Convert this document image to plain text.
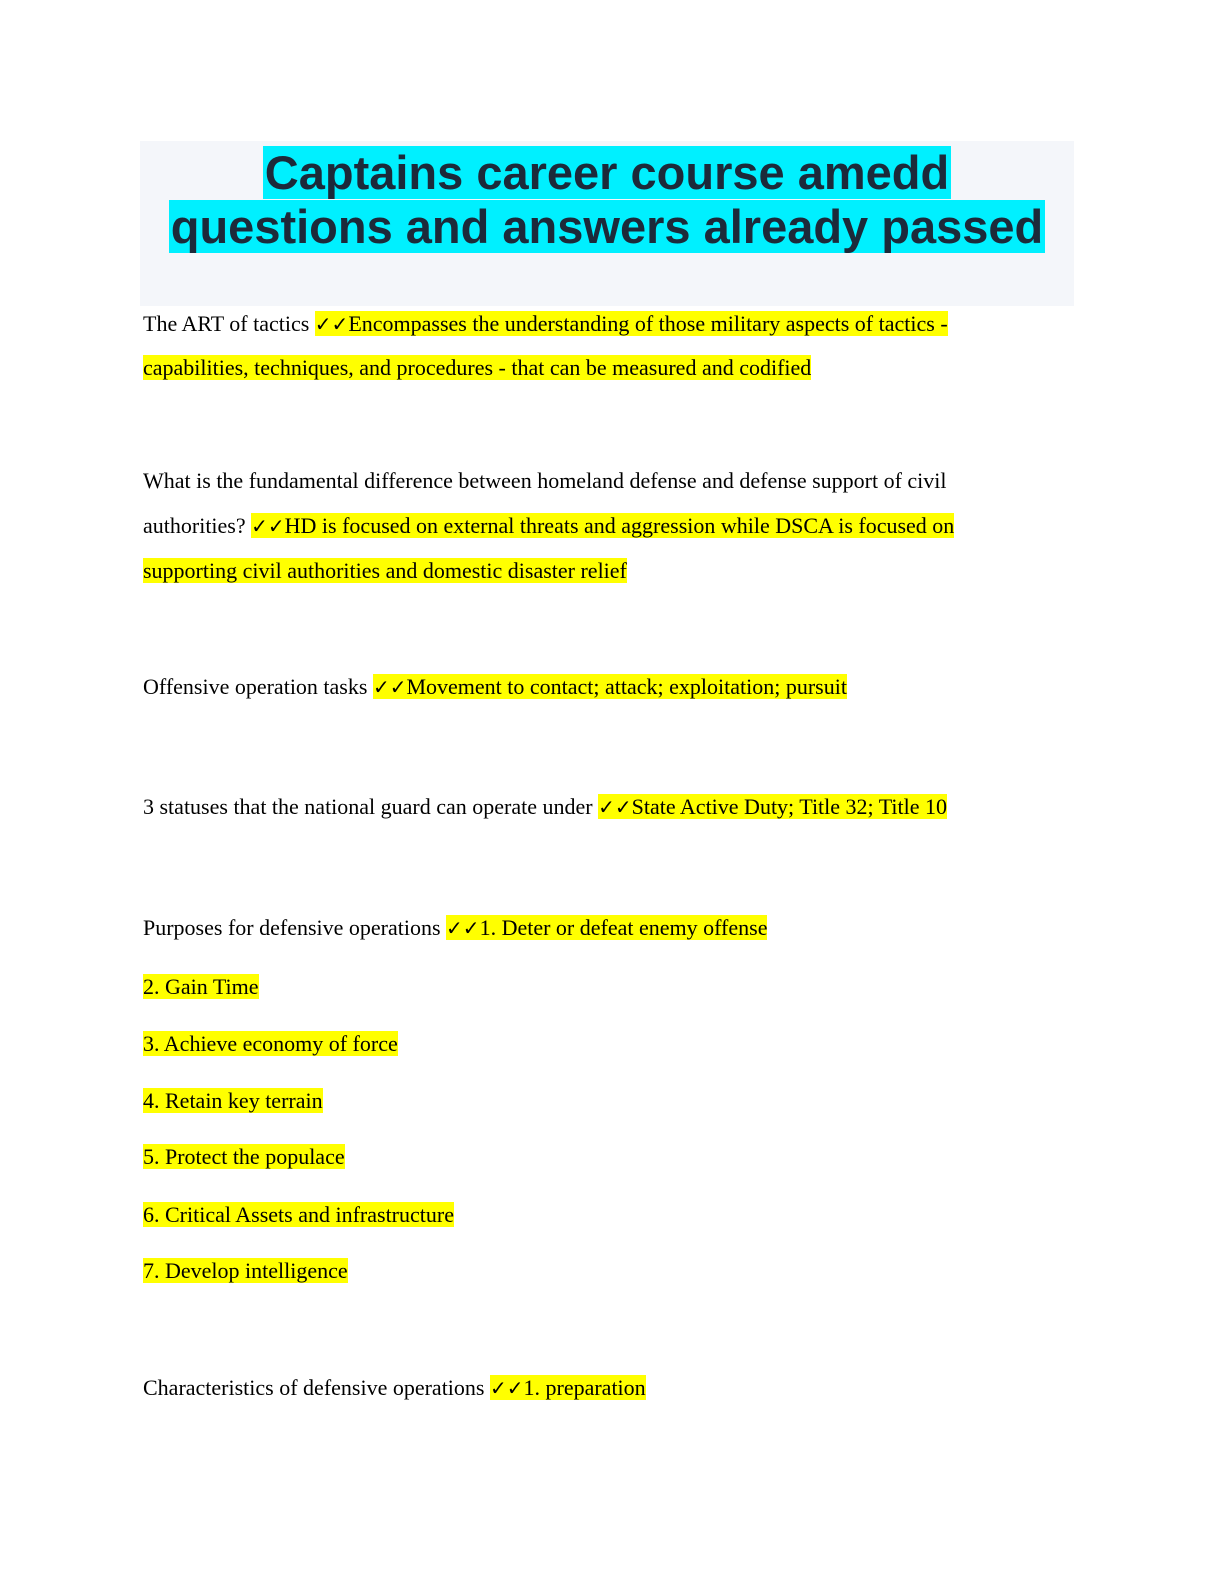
Captains career course amedd
questions and answers already passed
The ART of tactics ✓✓Encompasses the understanding of those military aspects of tactics -
capabilities, techniques, and procedures - that can be measured and codified
What is the fundamental difference between homeland defense and defense support of civil
authorities? ✓✓HD is focused on external threats and aggression while DSCA is focused on
supporting civil authorities and domestic disaster relief
Offensive operation tasks ✓✓Movement to contact; attack; exploitation; pursuit
3 statuses that the national guard can operate under ✓✓State Active Duty; Title 32; Title 10
Purposes for defensive operations ✓✓1. Deter or defeat enemy offense
2. Gain Time
3. Achieve economy of force
4. Retain key terrain
5. Protect the populace
6. Critical Assets and infrastructure
7. Develop intelligence
Characteristics of defensive operations ✓✓1. preparation
